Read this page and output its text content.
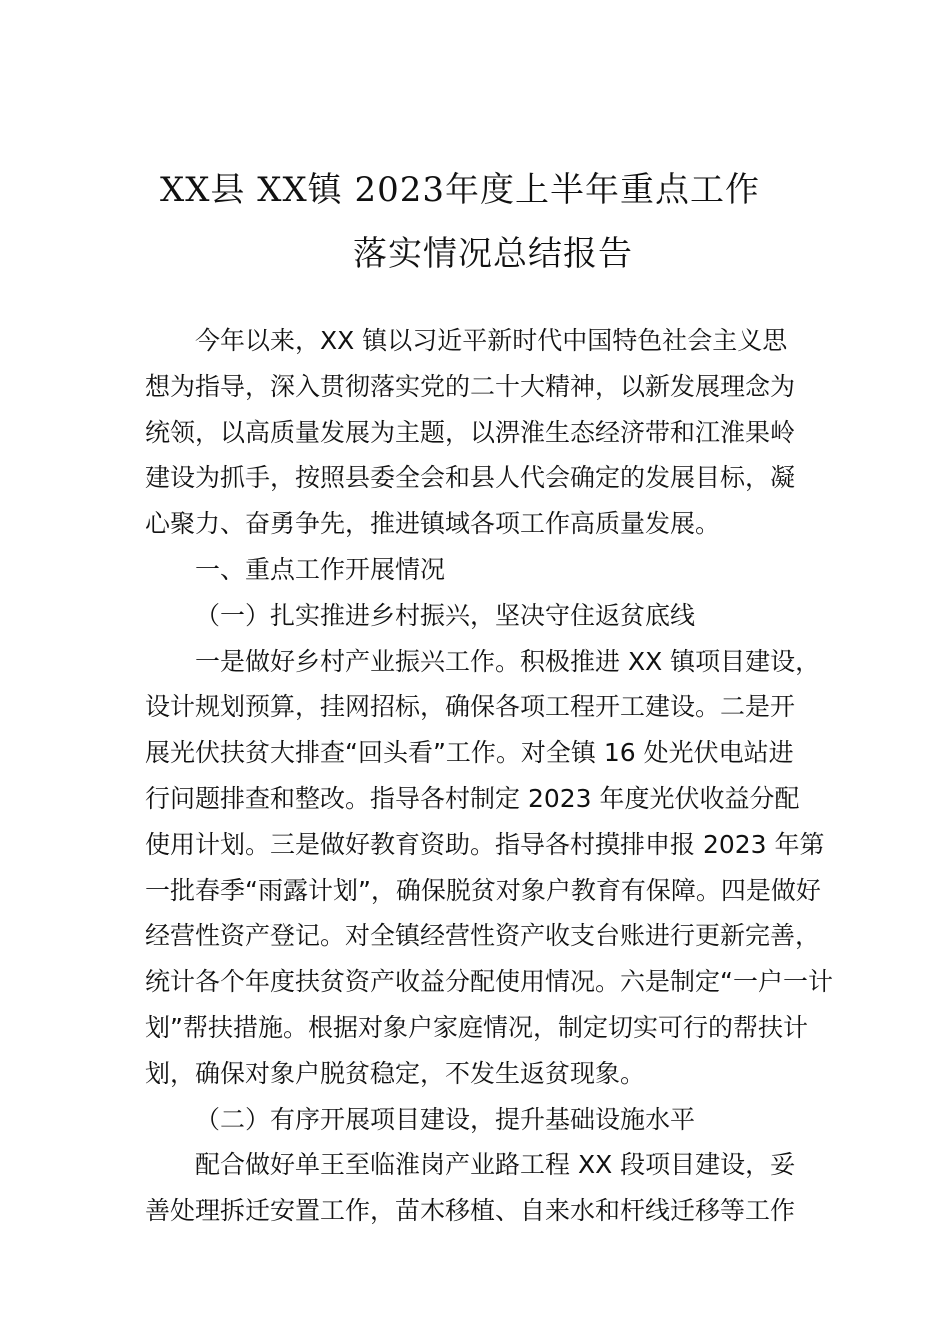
XX县 XX镇 2023年度上半年重点工作
落实情况总结报告
今年以来，XX 镇以习近平新时代中国特色社会主义思
想为指导，深入贯彻落实党的二十大精神，以新发展理念为
统领，以高质量发展为主题，以淠淮生态经济带和江淮果岭
建设为抓手，按照县委全会和县人代会确定的发展目标，凝
心聚力、奋勇争先，推进镇域各项工作高质量发展。
一、重点工作开展情况
（一）扎实推进乡村振兴，坚决守住返贫底线
一是做好乡村产业振兴工作。积极推进 XX 镇项目建设，
设计规划预算，挂网招标，确保各项工程开工建设。二是开
展光伏扶贫大排查“回头看”工作。对全镇 16 处光伏电站进
行问题排查和整改。指导各村制定 2023 年度光伏收益分配
使用计划。三是做好教育资助。指导各村摸排申报 2023 年第
一批春季“雨露计划”，确保脱贫对象户教育有保障。四是做好
经营性资产登记。对全镇经营性资产收支台账进行更新完善，
统计各个年度扶贫资产收益分配使用情况。六是制定“一户一计
划”帮扶措施。根据对象户家庭情况，制定切实可行的帮扶计
划，确保对象户脱贫稳定，不发生返贫现象。
（二）有序开展项目建设，提升基础设施水平
配合做好单王至临淮岗产业路工程 XX 段项目建设，妥
善处理拆迁安置工作，苗木移植、自来水和杆线迁移等工作
